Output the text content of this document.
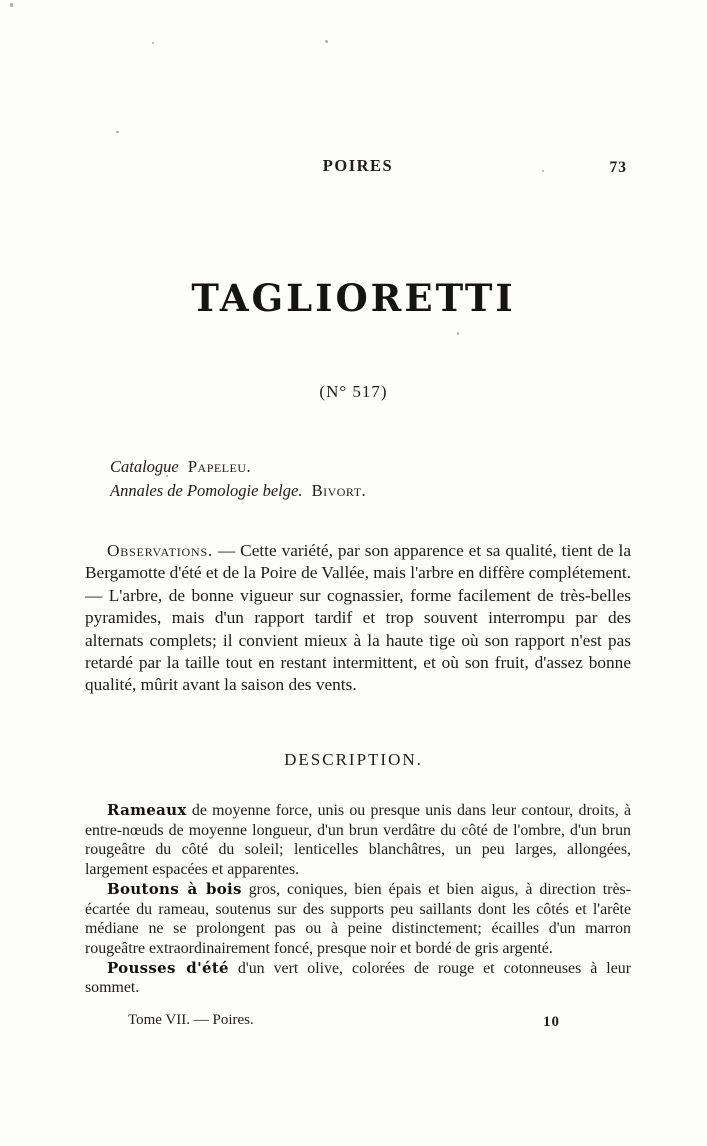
POIRES	73
TAGLIORETTI
(N° 517)
Catalogue Papeleu.
Annales de Pomologie belge. Bivort.

Observations. — Cette variété, par son apparence et sa qualité, tient de la Bergamotte d'été et de la Poire de Vallée, mais l'arbre en diffère complétement. — L'arbre, de bonne vigueur sur cognassier, forme facilement de très-belles pyramides, mais d'un rapport tardif et trop souvent interrompu par des alternats complets; il convient mieux à la haute tige où son rapport n'est pas retardé par la taille tout en restant intermittent, et où son fruit, d'assez bonne qualité, mûrit avant la saison des vents.

DESCRIPTION.

Rameaux de moyenne force, unis ou presque unis dans leur contour, droits, à entre-nœuds de moyenne longueur, d'un brun verdâtre du côté de l'ombre, d'un brun rougeâtre du côté du soleil; lenticelles blanchâtres, un peu larges, allongées, largement espacées et apparentes.

Boutons à bois gros, coniques, bien épais et bien aigus, à direction très-écartée du rameau, soutenus sur des supports peu saillants dont les côtés et l'arête médiane ne se prolongent pas ou à peine distinctement; écailles d'un marron rougeâtre extraordinairement foncé, presque noir et bordé de gris argenté.

Pousses d'été d'un vert olive, colorées de rouge et cotonneuses à leur sommet.

Tome VII. — Poires.	10
